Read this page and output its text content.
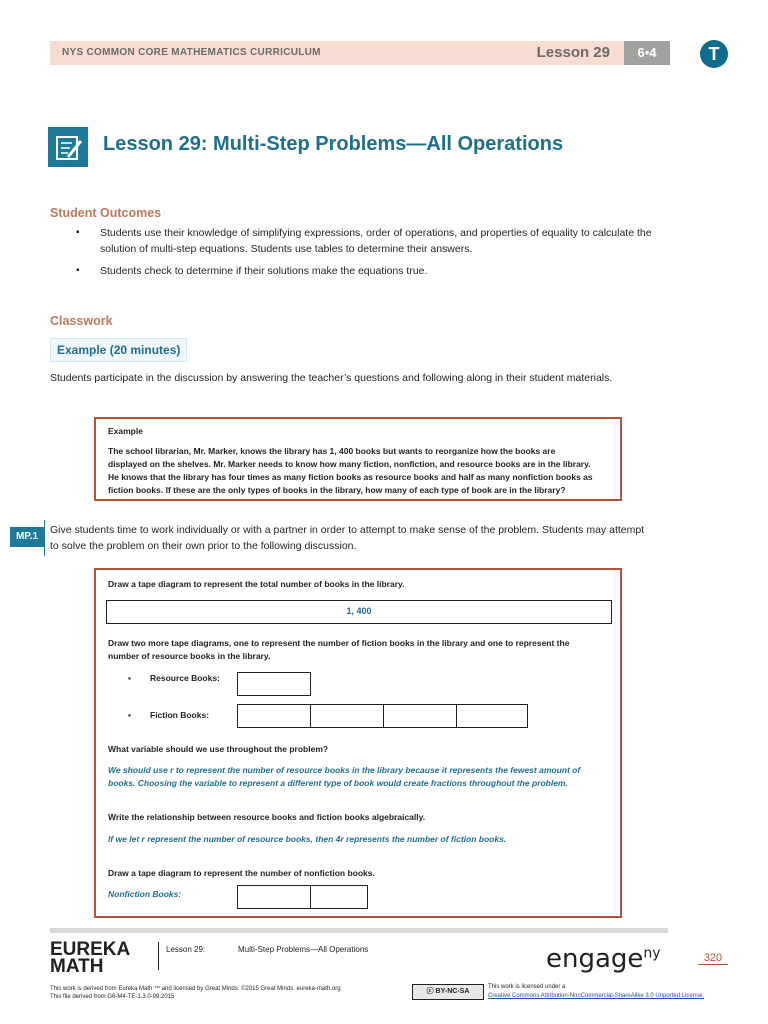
NYS COMMON CORE MATHEMATICS CURRICULUM	Lesson 29	6•4	T
Lesson 29: Multi-Step Problems—All Operations
Student Outcomes
▪ Students use their knowledge of simplifying expressions, order of operations, and properties of equality to calculate the solution of multi-step equations. Students use tables to determine their answers.
▪ Students check to determine if their solutions make the equations true.
Classwork
Example (20 minutes)
Students participate in the discussion by answering the teacher’s questions and following along in their student materials.
Example
The school librarian, Mr. Marker, knows the library has 1, 400 books but wants to reorganize how the books are
displayed on the shelves. Mr. Marker needs to know how many fiction, nonfiction, and resource books are in the library.
He knows that the library has four times as many fiction books as resource books and half as many nonfiction books as
fiction books. If these are the only types of books in the library, how many of each type of book are in the library?
MP.1
Give students time to work individually or with a partner in order to attempt to make sense of the problem. Students may attempt to solve the problem on their own prior to the following discussion.
Draw a tape diagram to represent the total number of books in the library.
1, 400
Draw two more tape diagrams, one to represent the number of fiction books in the library and one to represent the
number of resource books in the library.
▪ Resource Books:
▪ Fiction Books:
What variable should we use throughout the problem?
We should use r to represent the number of resource books in the library because it represents the fewest amount of
books. Choosing the variable to represent a different type of book would create fractions throughout the problem.
Write the relationship between resource books and fiction books algebraically.
If we let r represent the number of resource books, then 4r represents the number of fiction books.
Draw a tape diagram to represent the number of nonfiction books.
Nonfiction Books:
EUREKA
MATH
Lesson 29:	Multi-Step Problems—All Operations	engage$^{ny}$	320
This work is derived from Eureka Math ™ and licensed by Great Minds. ©2015 Great Minds. eureka-math.org
This file derived from G6-M4-TE-1.3.0-09.2015
ⓒ BY-NC-SA
This work is licensed under a
Creative Commons Attribution-NonCommercial-ShareAlike 3.0 Unported License.
